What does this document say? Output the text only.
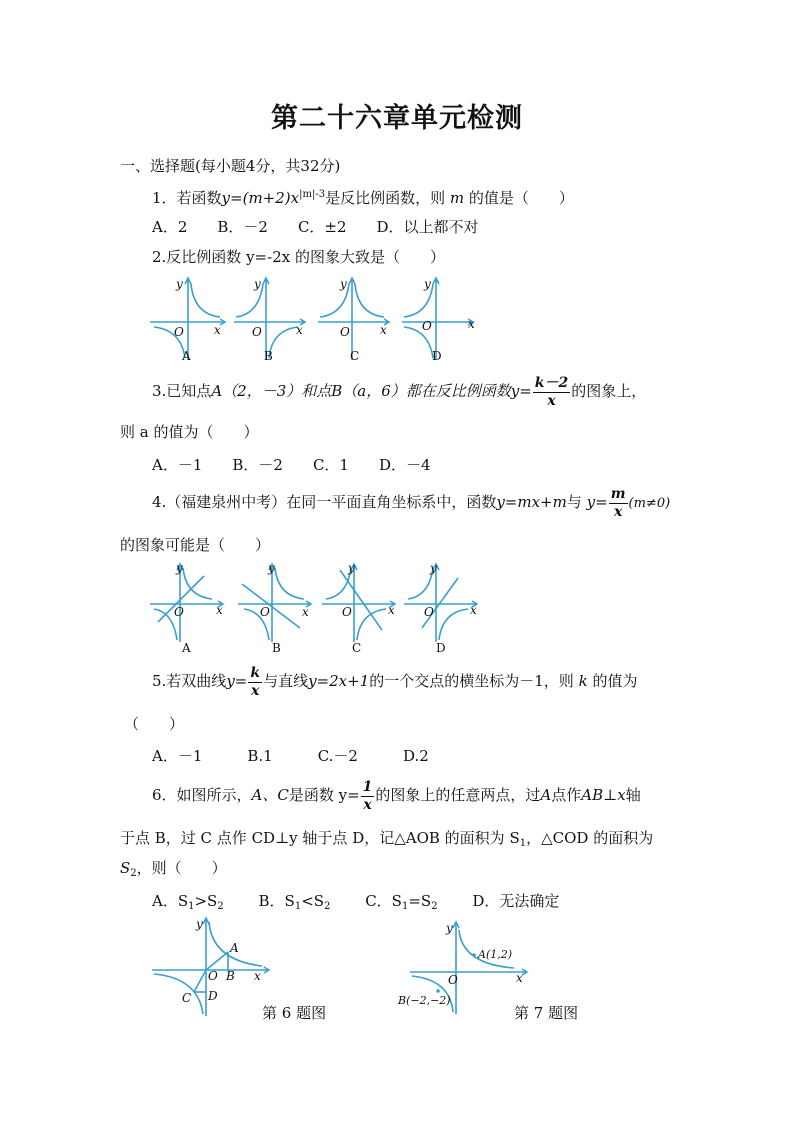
第二十六章单元检测
一、选择题(每小题4分，共32分)
1．若函数$y=(m+2)x^{|m|-3}$是反比例函数，则 m 的值是（　　）
A．2　　B．－2　　C．±2　　D．以上都不对
2.反比例函数 y=-2x 的图象大致是（　　）
y
x
O
A
y
x
O
B
y
x
O
C
y
x
O
D
3.已知点A（2，－3）和点B（a，6）都在反比例函数$y= \frac{k-2}{x}$ 的图象上，
则 a 的值为（　　）
A．－1　　B．－2　　C．1　　D．－4
4.（福建泉州中考）在同一平面直角坐标系中，函数y=mx+m与 $y= \frac{m}{x} (m\ne 0)$
的图象可能是（　　）
y
x
O
A
y
x
O
B
y
x
O
C
y
x
O
D
5.若双曲线$y= \frac{k}{x}$ 与直线y=2x+1的一个交点的横坐标为－1，则 k 的值为
（　　）
A．－1　　　B.1　　　C.－2　　　D.2
6．如图所示，A、C是函数 $y= \frac{1}{x}$ 的图象上的任意两点，过A点作AB⊥x轴
于点 B，过 C 点作 CD⊥y 轴于点 D，记△AOB 的面积为 $S_1$，△COD 的面积为
$S_2$，则（　　）
A．$S_1>S_2$　　 B．$S_1<S_2$　　 C．$S_1=S_2$　　 D．无法确定
y
x
O
A
B
C D
第 6 题图
y
x
O
A(1,2)
B(−2,−2)
第 7 题图
